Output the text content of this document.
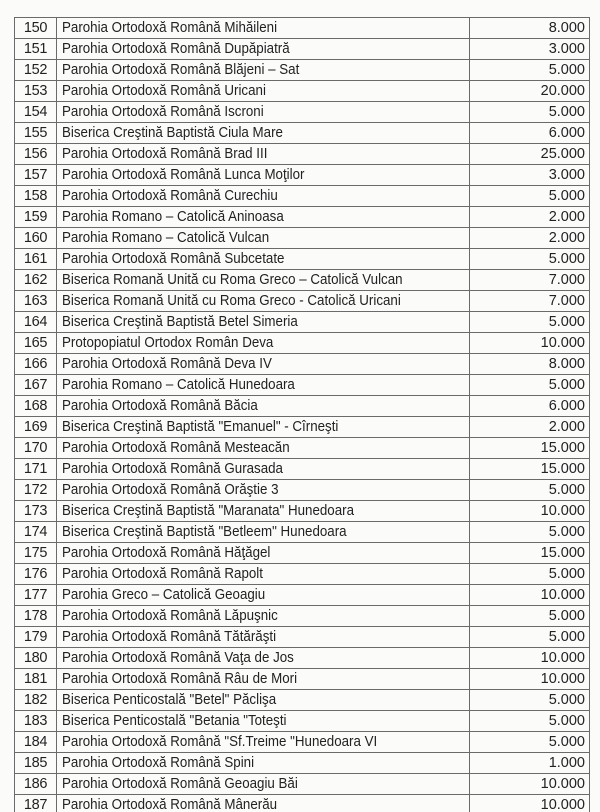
150	Parohia Ortodoxă Română Mihăileni	8.000
151	Parohia Ortodoxă Română Dupăpiatră	3.000
152	Parohia Ortodoxă Română Blăjeni – Sat	5.000
153	Parohia Ortodoxă Română Uricani	20.000
154	Parohia Ortodoxă Română Iscroni	5.000
155	Biserica Creştină Baptistă Ciula Mare	6.000
156	Parohia Ortodoxă Română Brad III	25.000
157	Parohia Ortodoxă Română Lunca Moţilor	3.000
158	Parohia Ortodoxă Română Curechiu	5.000
159	Parohia Romano – Catolică Aninoasa	2.000
160	Parohia Romano – Catolică Vulcan	2.000
161	Parohia Ortodoxă Română Subcetate	5.000
162	Biserica Romană Unită cu Roma Greco – Catolică Vulcan	7.000
163	Biserica Romană Unită cu Roma Greco - Catolică Uricani	7.000
164	Biserica Creştină Baptistă Betel Simeria	5.000
165	Protopopiatul Ortodox Român Deva	10.000
166	Parohia Ortodoxă Română Deva IV	8.000
167	Parohia Romano – Catolică Hunedoara	5.000
168	Parohia Ortodoxă Română Băcia	6.000
169	Biserica Creştină Baptistă "Emanuel" - Cîrneşti	2.000
170	Parohia Ortodoxă Română Mesteacăn	15.000
171	Parohia Ortodoxă Română Gurasada	15.000
172	Parohia Ortodoxă Română Orăştie 3	5.000
173	Biserica Creştină Baptistă "Maranata" Hunedoara	10.000
174	Biserica Creştină Baptistă "Betleem" Hunedoara	5.000
175	Parohia Ortodoxă Română Hăţăgel	15.000
176	Parohia Ortodoxă Română Rapolt	5.000
177	Parohia Greco – Catolică Geoagiu	10.000
178	Parohia Ortodoxă Română Lăpuşnic	5.000
179	Parohia Ortodoxă Română Tătărăşti	5.000
180	Parohia Ortodoxă Română Vaţa de Jos	10.000
181	Parohia Ortodoxă Română Râu de Mori	10.000
182	Biserica Penticostală "Betel" Păclişa	5.000
183	Biserica Penticostală "Betania "Toteşti	5.000
184	Parohia Ortodoxă Română "Sf.Treime "Hunedoara VI	5.000
185	Parohia Ortodoxă Română Spini	1.000
186	Parohia Ortodoxă Română Geoagiu Băi	10.000
187	Parohia Ortodoxă Română Mânerău	10.000
